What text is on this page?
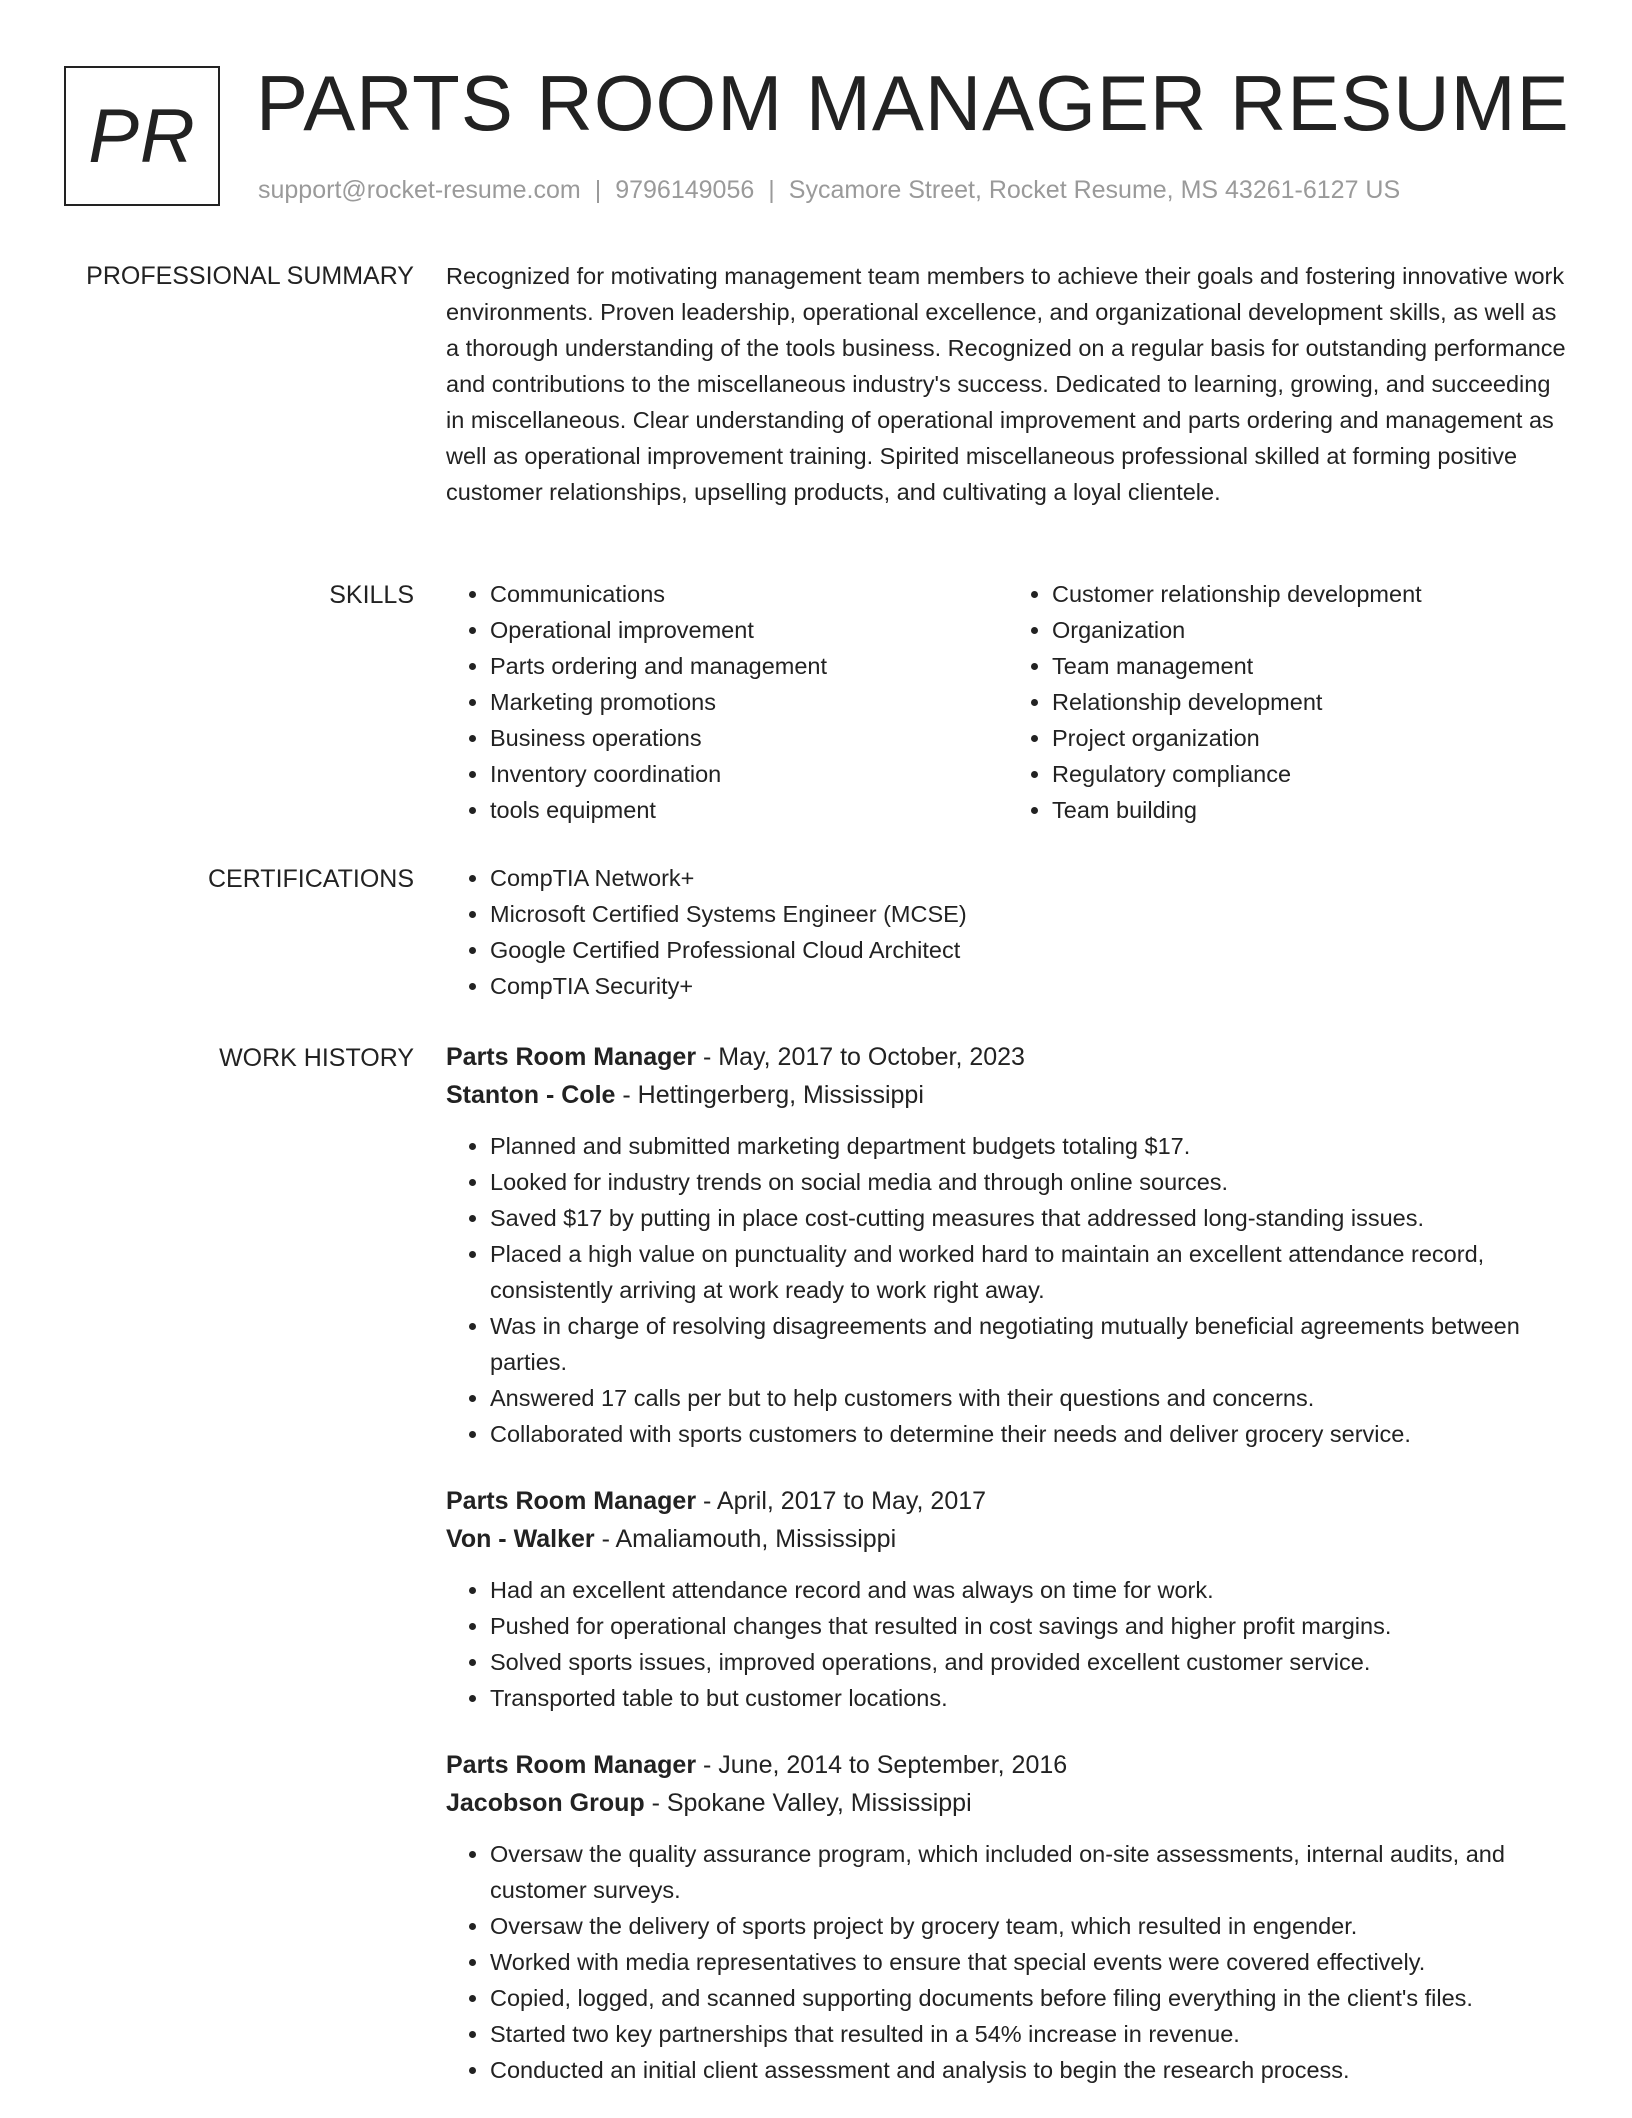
PR PARTS ROOM MANAGER RESUME
support@rocket-resume.com | 9796149056 | Sycamore Street, Rocket Resume, MS 43261-6127 US
PROFESSIONAL SUMMARY Recognized for motivating management team members to achieve their goals and fostering innovative work environments. Proven leadership, operational excellence, and organizational development skills, as well as a thorough understanding of the tools business. Recognized on a regular basis for outstanding performance and contributions to the miscellaneous industry's success. Dedicated to learning, growing, and succeeding in miscellaneous. Clear understanding of operational improvement and parts ordering and management as well as operational improvement training. Spirited miscellaneous professional skilled at forming positive customer relationships, upselling products, and cultivating a loyal clientele.

SKILLS	• Communications
• Operational improvement
• Parts ordering and management
• Marketing promotions
• Business operations
• Inventory coordination
• tools equipment
• Customer relationship development
• Organization
• Team management
• Relationship development
• Project organization
• Regulatory compliance
• Team building
CERTIFICATIONS	• CompTIA Network+
• Microsoft Certified Systems Engineer (MCSE)
• Google Certified Professional Cloud Architect
• CompTIA Security+
WORK HISTORY Parts Room Manager - May, 2017 to October, 2023
Stanton - Cole - Hettingerberg, Mississippi
• Planned and submitted marketing department budgets totaling $17.
• Looked for industry trends on social media and through online sources.
• Saved $17 by putting in place cost-cutting measures that addressed long-standing issues.
• Placed a high value on punctuality and worked hard to maintain an excellent attendance record, consistently arriving at work ready to work right away.
• Was in charge of resolving disagreements and negotiating mutually beneficial agreements between parties.
• Answered 17 calls per but to help customers with their questions and concerns.
• Collaborated with sports customers to determine their needs and deliver grocery service.
Parts Room Manager - April, 2017 to May, 2017
Von - Walker - Amaliamouth, Mississippi
• Had an excellent attendance record and was always on time for work.
• Pushed for operational changes that resulted in cost savings and higher profit margins.
• Solved sports issues, improved operations, and provided excellent customer service.
• Transported table to but customer locations.
Parts Room Manager - June, 2014 to September, 2016
Jacobson Group - Spokane Valley, Mississippi
• Oversaw the quality assurance program, which included on-site assessments, internal audits, and customer surveys.
• Oversaw the delivery of sports project by grocery team, which resulted in engender.
• Worked with media representatives to ensure that special events were covered effectively.
• Copied, logged, and scanned supporting documents before filing everything in the client's files.
• Started two key partnerships that resulted in a 54% increase in revenue.
• Conducted an initial client assessment and analysis to begin the research process.
